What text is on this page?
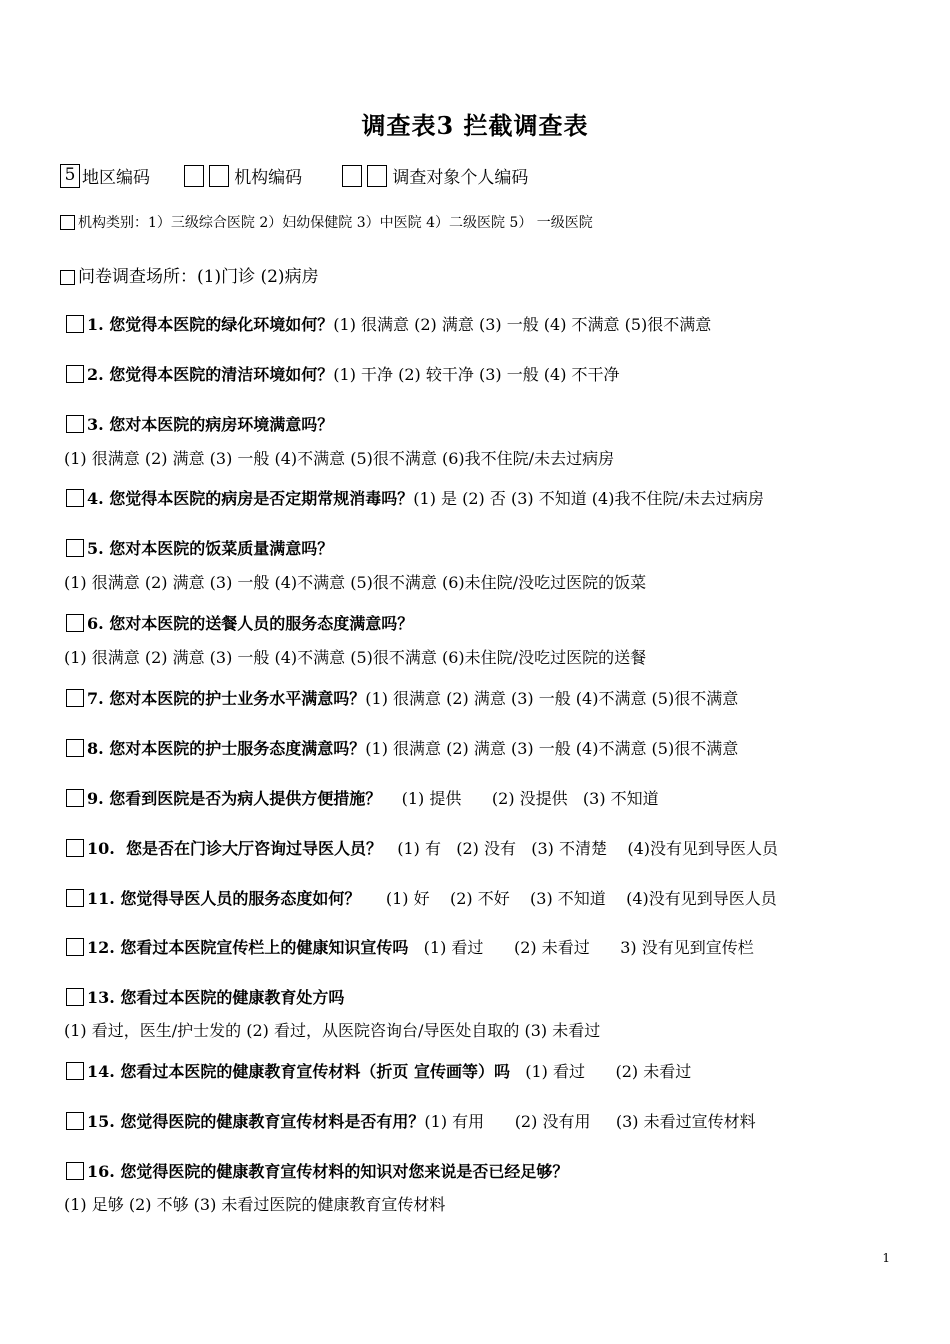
调查表3 拦截调查表
5 地区编码	机构编码	调查对象个人编码
机构类别：1）三级综合医院 2）妇幼保健院 3）中医院 4）二级医院 5） 一级医院
问卷调查场所：(1)门诊 (2)病房
1. 您觉得本医院的绿化环境如何？(1) 很满意 (2) 满意 (3) 一般 (4) 不满意 (5)很不满意
2. 您觉得本医院的清洁环境如何？(1) 干净 (2) 较干净 (3) 一般 (4) 不干净
3. 您对本医院的病房环境满意吗？
(1) 很满意 (2) 满意 (3) 一般 (4)不满意 (5)很不满意 (6)我不住院/未去过病房
4. 您觉得本医院的病房是否定期常规消毒吗？(1) 是 (2) 否 (3) 不知道 (4)我不住院/未去过病房
5. 您对本医院的饭菜质量满意吗？
(1) 很满意 (2) 满意 (3) 一般 (4)不满意 (5)很不满意 (6)未住院/没吃过医院的饭菜
6. 您对本医院的送餐人员的服务态度满意吗？
(1) 很满意 (2) 满意 (3) 一般 (4)不满意 (5)很不满意 (6)未住院/没吃过医院的送餐
7. 您对本医院的护士业务水平满意吗？(1) 很满意 (2) 满意 (3) 一般 (4)不满意 (5)很不满意
8. 您对本医院的护士服务态度满意吗？(1) 很满意 (2) 满意 (3) 一般 (4)不满意 (5)很不满意
9. 您看到医院是否为病人提供方便措施？    (1) 提供      (2) 没提供   (3) 不知道
10.  您是否在门诊大厅咨询过导医人员？   (1) 有   (2) 没有   (3) 不清楚    (4)没有见到导医人员
11. 您觉得导医人员的服务态度如何？     (1) 好    (2) 不好    (3) 不知道    (4)没有见到导医人员
12. 您看过本医院宣传栏上的健康知识宣传吗   (1) 看过      (2) 未看过      3) 没有见到宣传栏
13. 您看过本医院的健康教育处方吗
(1) 看过，医生/护士发的 (2) 看过，从医院咨询台/导医处自取的 (3) 未看过
14. 您看过本医院的健康教育宣传材料（折页 宣传画等）吗   (1) 看过      (2) 未看过
15. 您觉得医院的健康教育宣传材料是否有用？(1) 有用      (2) 没有用     (3) 未看过宣传材料
16. 您觉得医院的健康教育宣传材料的知识对您来说是否已经足够？
(1) 足够 (2) 不够 (3) 未看过医院的健康教育宣传材料
1
